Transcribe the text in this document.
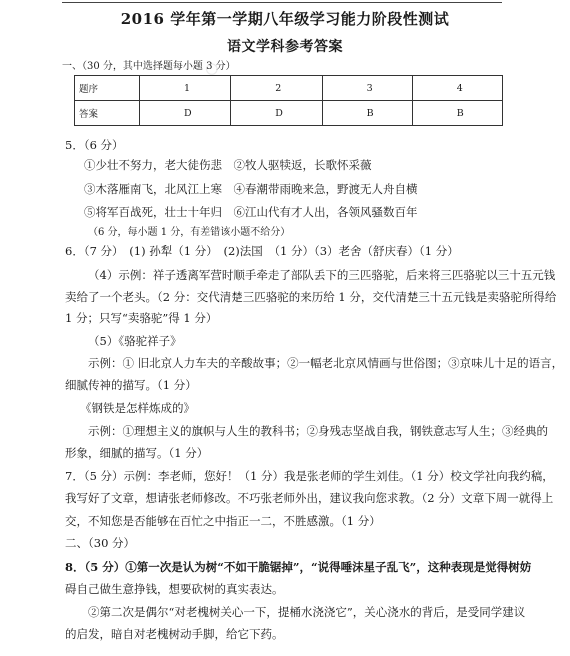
◦
2016 学年第一学期八年级学习能力阶段性测试
语文学科参考答案
一、（30 分，其中选择题每小题 3 分）
题序	1	2	3	4
答案	D	D	B	B
5．（6 分）
①少壮不努力，老大徒伤悲　②牧人驱犊返，长歌怀采薇
③木落雁南飞，北风江上寒　④春潮带雨晚来急，野渡无人舟自横
⑤将军百战死，壮士十年归　⑥江山代有才人出，各领风骚数百年
（6 分，每小题 1 分，有差错该小题不给分）
6．（7 分）　(1) 孙犁（1 分）　(2)法国　（1 分）（3）老舍（舒庆春）（1 分）
（4）示例：祥子透离军营时顺手牵走了部队丢下的三匹骆驼，后来将三匹骆驼以三十五元钱
卖给了一个老头。（2 分：交代清楚三匹骆驼的来历给 1 分，交代清楚三十五元钱是卖骆驼所得给
1 分；只写“卖骆驼”得 1 分）
（5）《骆驼祥子》
示例：① 旧北京人力车夫的辛酸故事；②一幅老北京风情画与世俗图；③京味儿十足的语言，
细腻传神的描写。（1 分）
《钢铁是怎样炼成的》
示例：①理想主义的旗帜与人生的教科书；②身残志坚战自我，钢铁意志写人生；③经典的
形象，细腻的描写。（1 分）
7．（5 分）示例：李老师，您好！（1 分）我是张老师的学生刘佳。（1 分）校文学社向我约稿，
我写好了文章，想请张老师修改。不巧张老师外出，建议我向您求教。（2 分）文章下周一就得上
交，不知您是否能够在百忙之中指正一二，不胜感激。（1 分）
二、（30 分）
8．（5 分）①第一次是认为树“不如干脆锯掉”，“说得唾沫星子乱飞”，这种表现是觉得树妨
碍自己做生意挣钱，想要砍树的真实表达。
②第二次是偶尔“对老槐树关心一下，提桶水浇浇它”，关心浇水的背后，是受同学建议
的启发，暗自对老槐树动手脚，给它下药。
